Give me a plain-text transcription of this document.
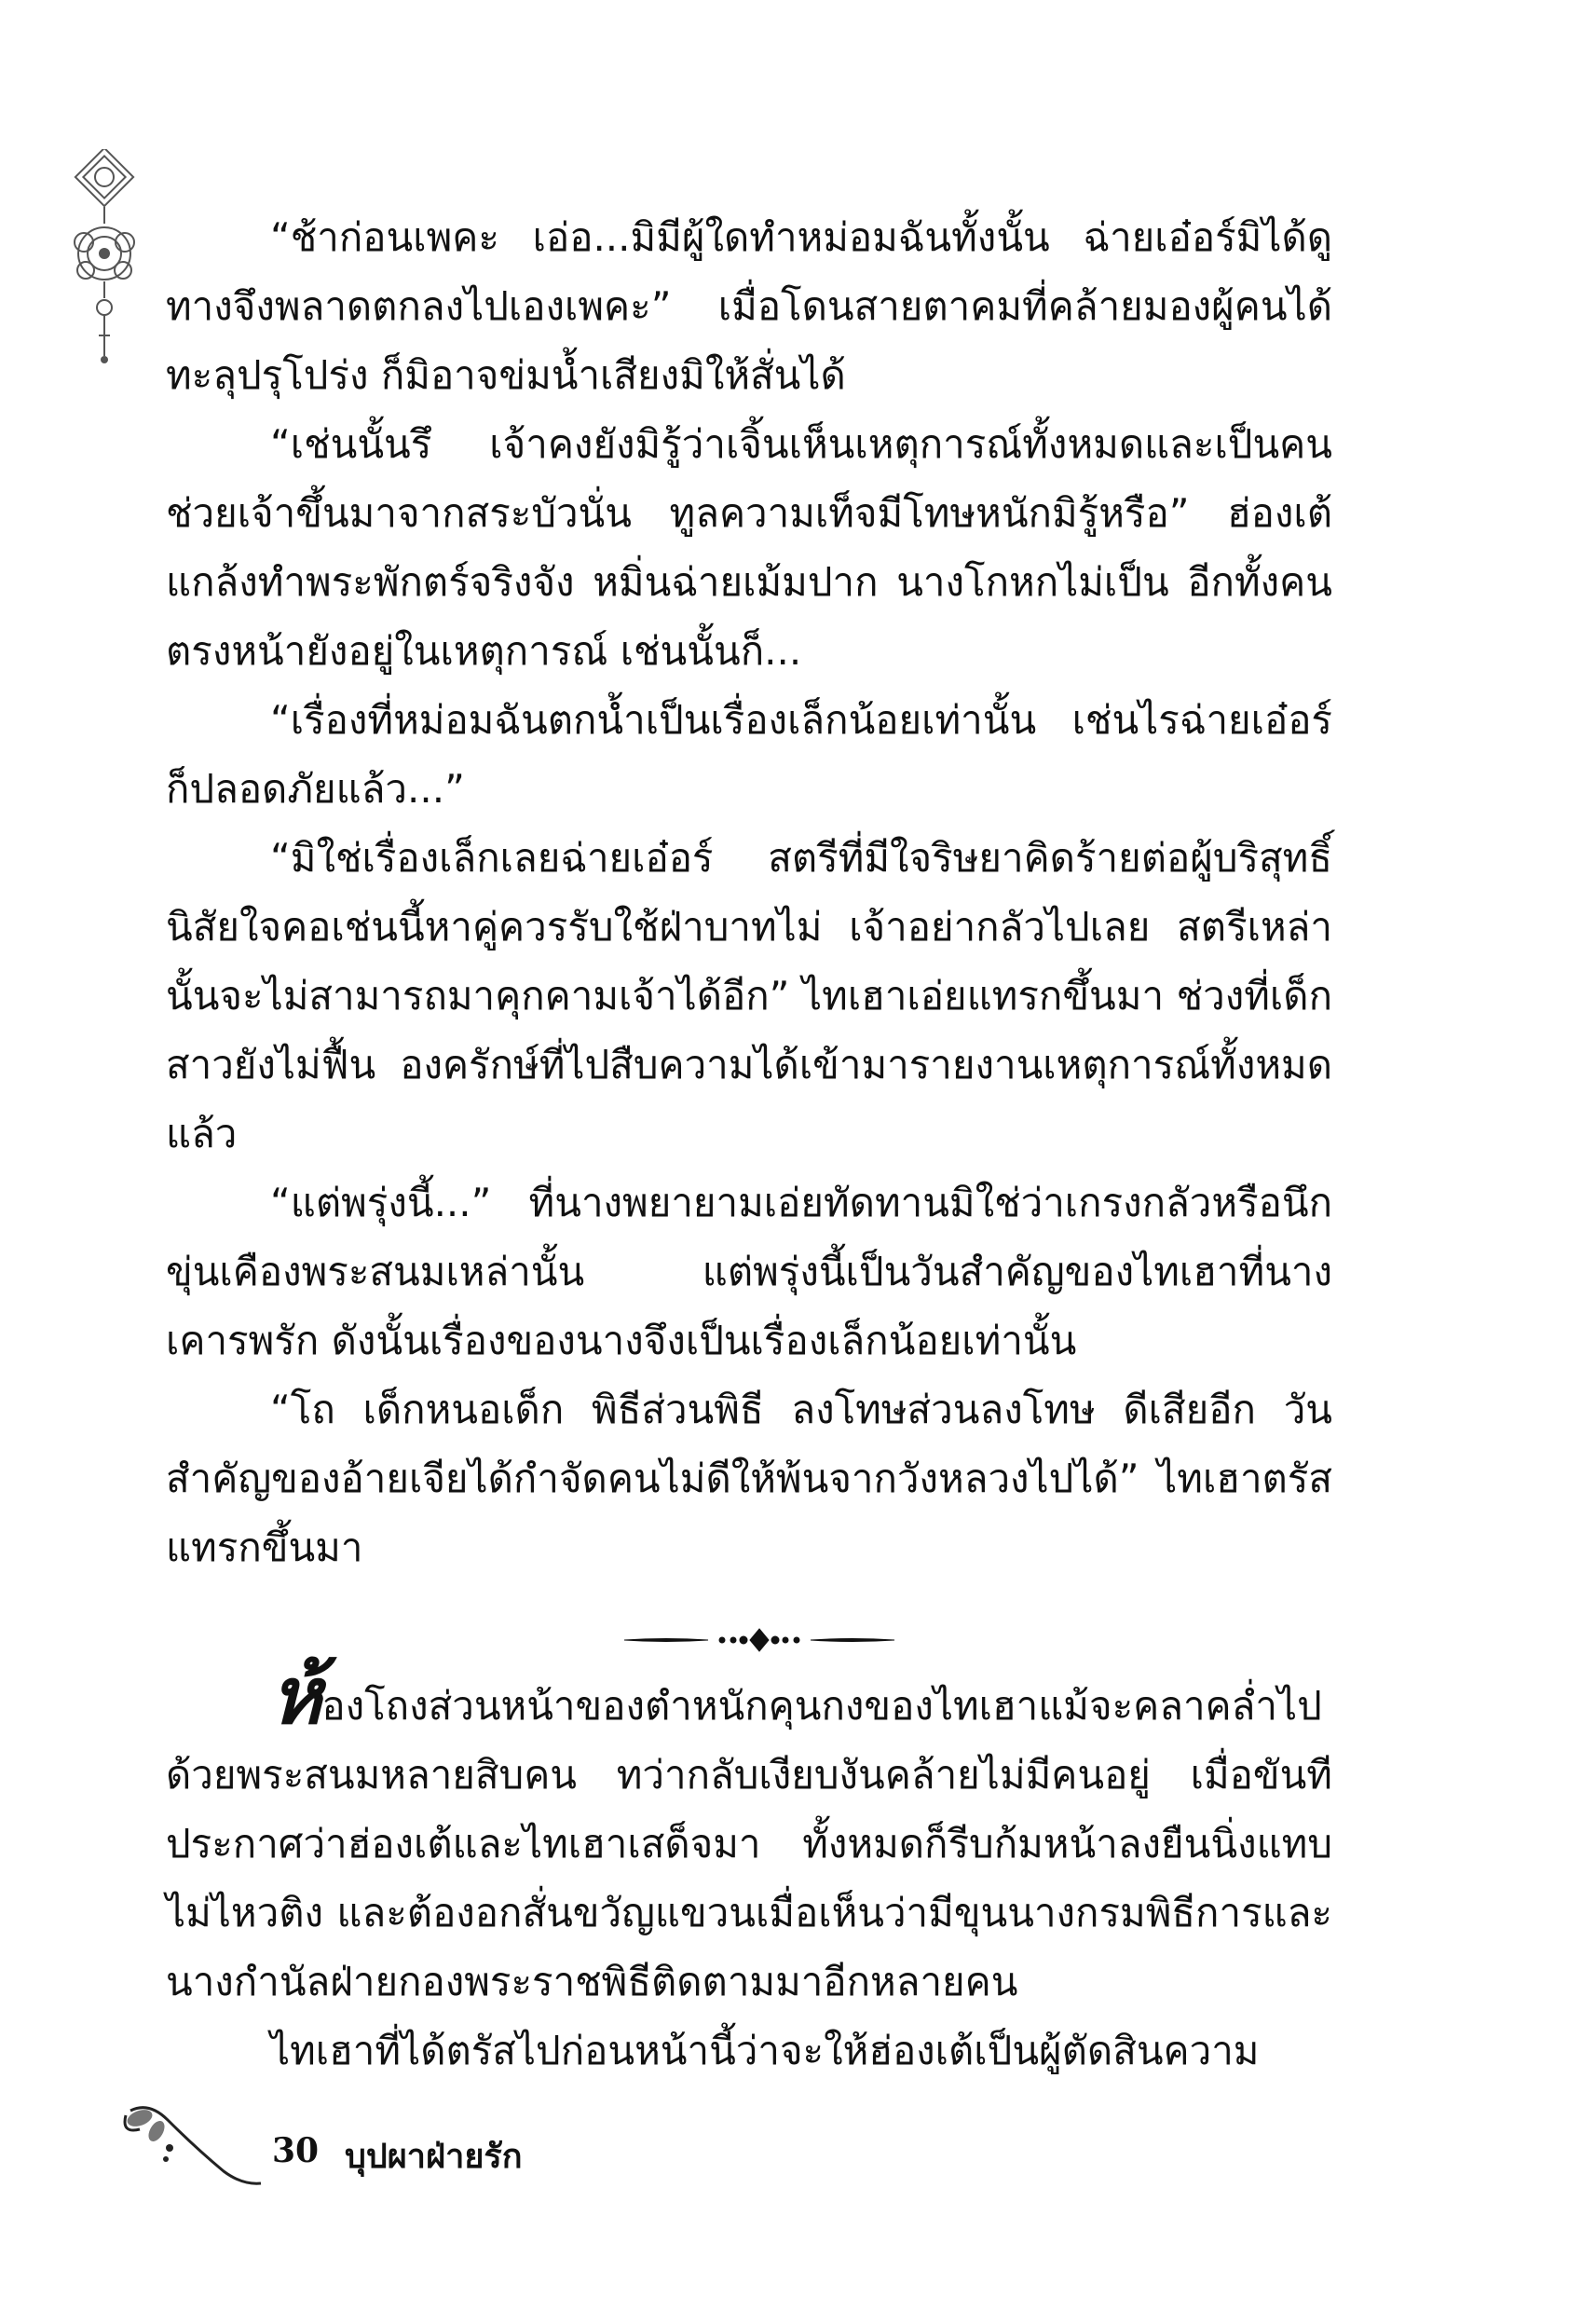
“ช้าก่อนเพคะ เอ่อ...มิมีผู้ใดทำหม่อมฉันทั้งนั้น ฉ่ายเอ๋อร์มิได้ดูทางจึงพลาดตกลงไปเองเพคะ” เมื่อโดนสายตาคมที่คล้ายมองผู้คนได้ทะลุปรุโปร่ง ก็มิอาจข่มน้ำเสียงมิให้สั่นได้

“เช่นนั้นรึ เจ้าคงยังมิรู้ว่าเจิ้นเห็นเหตุการณ์ทั้งหมดและเป็นคนช่วยเจ้าขึ้นมาจากสระบัวนั่น ทูลความเท็จมีโทษหนักมิรู้หรือ” ฮ่องเต้แกล้งทำพระพักตร์จริงจัง หมิ่นฉ่ายเม้มปาก นางโกหกไม่เป็น อีกทั้งคนตรงหน้ายังอยู่ในเหตุการณ์ เช่นนั้นก็...

“เรื่องที่หม่อมฉันตกน้ำเป็นเรื่องเล็กน้อยเท่านั้น เช่นไรฉ่ายเอ๋อร์ก็ปลอดภัยแล้ว...”

“มิใช่เรื่องเล็กเลยฉ่ายเอ๋อร์ สตรีที่มีใจริษยาคิดร้ายต่อผู้บริสุทธิ์นิสัยใจคอเช่นนี้หาคู่ควรรับใช้ฝ่าบาทไม่ เจ้าอย่ากลัวไปเลย สตรีเหล่านั้นจะไม่สามารถมาคุกคามเจ้าได้อีก” ไทเฮาเอ่ยแทรกขึ้นมา ช่วงที่เด็กสาวยังไม่ฟื้น องครักษ์ที่ไปสืบความได้เข้ามารายงานเหตุการณ์ทั้งหมดแล้ว

“แต่พรุ่งนี้...” ที่นางพยายามเอ่ยทัดทานมิใช่ว่าเกรงกลัวหรือนึกขุ่นเคืองพระสนมเหล่านั้น แต่พรุ่งนี้เป็นวันสำคัญของไทเฮาที่นางเคารพรัก ดังนั้นเรื่องของนางจึงเป็นเรื่องเล็กน้อยเท่านั้น

“โถ เด็กหนอเด็ก พิธีส่วนพิธี ลงโทษส่วนลงโทษ ดีเสียอีก วันสำคัญของอ้ายเจียได้กำจัดคนไม่ดีให้พ้นจากวังหลวงไปได้” ไทเฮาตรัสแทรกขึ้นมา

ห้องโถงส่วนหน้าของตำหนักคุนกงของไทเฮาแม้จะคลาคล่ำไปด้วยพระสนมหลายสิบคน ทว่ากลับเงียบงันคล้ายไม่มีคนอยู่ เมื่อขันทีประกาศว่าฮ่องเต้และไทเฮาเสด็จมา ทั้งหมดก็รีบก้มหน้าลงยืนนิ่งแทบไม่ไหวติง และต้องอกสั่นขวัญแขวนเมื่อเห็นว่ามีขุนนางกรมพิธีการและนางกำนัลฝ่ายกองพระราชพิธีติดตามมาอีกหลายคน

ไทเฮาที่ได้ตรัสไปก่อนหน้านี้ว่าจะให้ฮ่องเต้เป็นผู้ตัดสินความ

30 บุปผาฝ่ายรัก
